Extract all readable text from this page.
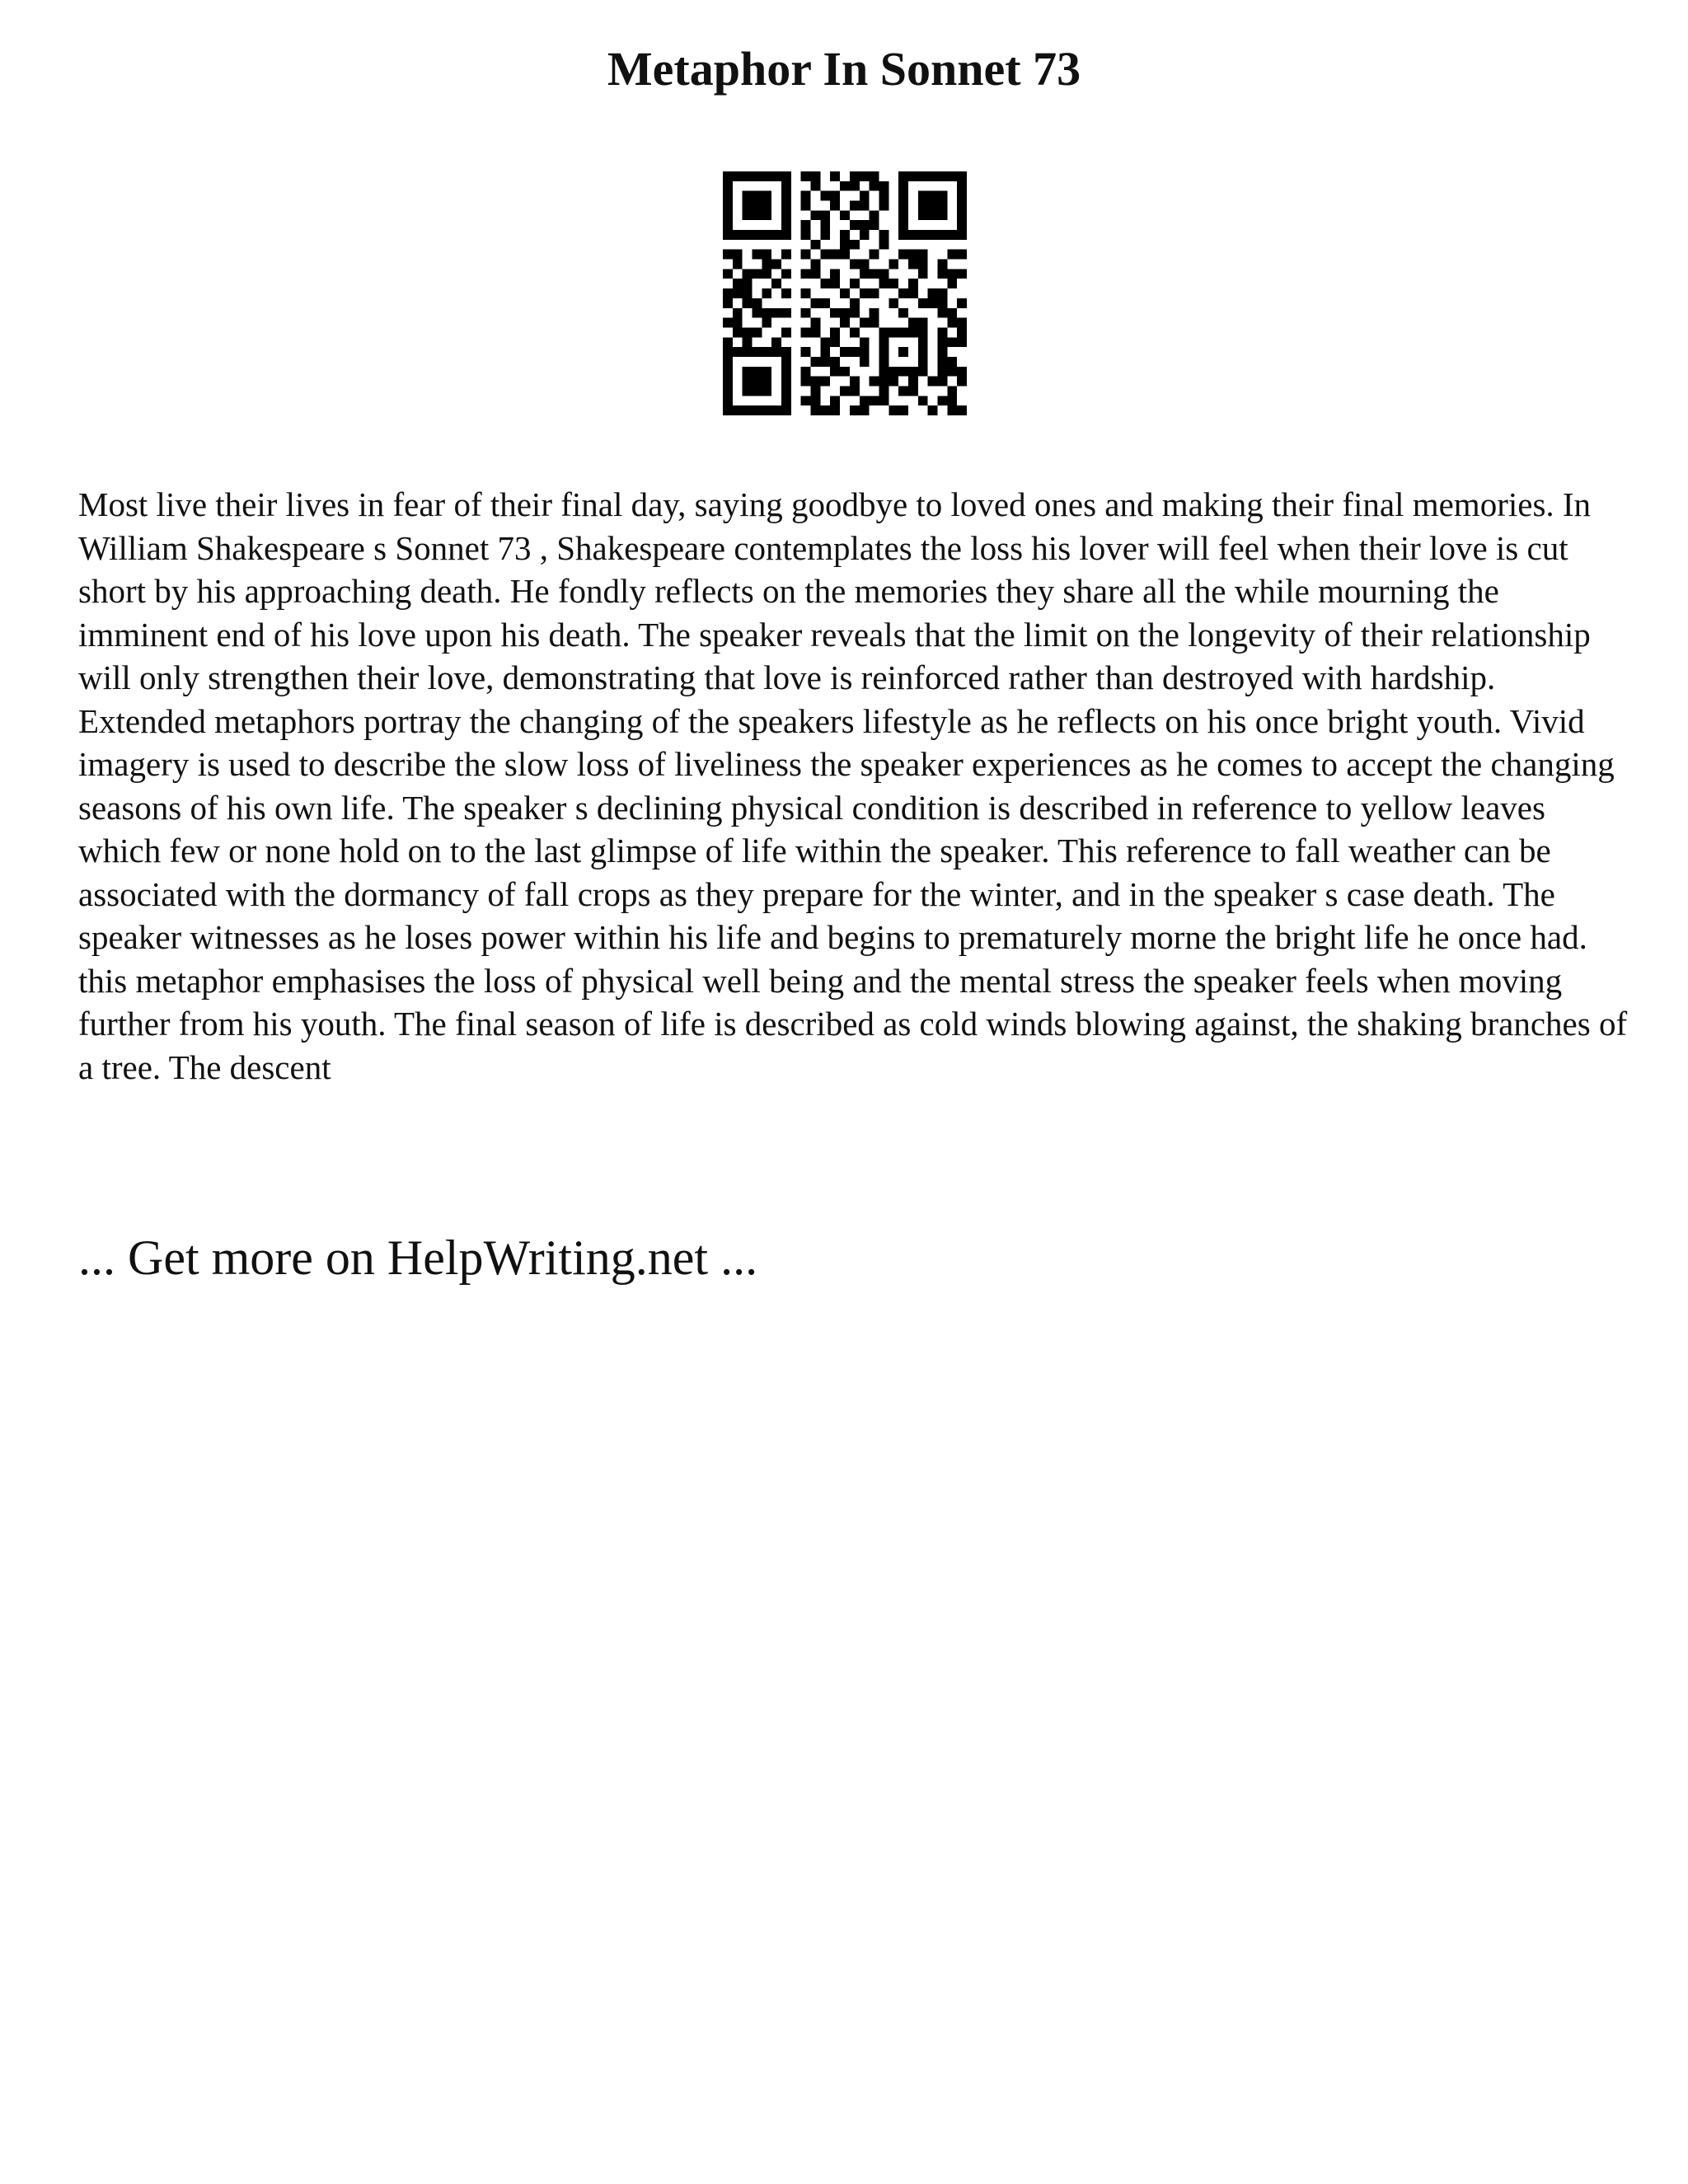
Metaphor In Sonnet 73

Most live their lives in fear of their final day, saying goodbye to loved ones and making their final memories. In William Shakespeare s Sonnet 73 , Shakespeare contemplates the loss his lover will feel when their love is cut short by his approaching death. He fondly reflects on the memories they share all the while mourning the imminent end of his love upon his death. The speaker reveals that the limit on the longevity of their relationship will only strengthen their love, demonstrating that love is reinforced rather than destroyed with hardship.

Extended metaphors portray the changing of the speakers lifestyle as he reflects on his once bright youth. Vivid imagery is used to describe the slow loss of liveliness the speaker experiences as he comes to accept the changing seasons of his own life. The speaker s declining physical condition is described in reference to yellow leaves which few or none hold on to the last glimpse of life within the speaker. This reference to fall weather can be associated with the dormancy of fall crops as they prepare for the winter, and in the speaker s case death. The speaker witnesses as he loses power within his life and begins to prematurely morne the bright life he once had. this metaphor emphasises the loss of physical well being and the mental stress the speaker feels when moving further from his youth. The final season of life is described as cold winds blowing against, the shaking branches of a tree. The descent

... Get more on HelpWriting.net ...
